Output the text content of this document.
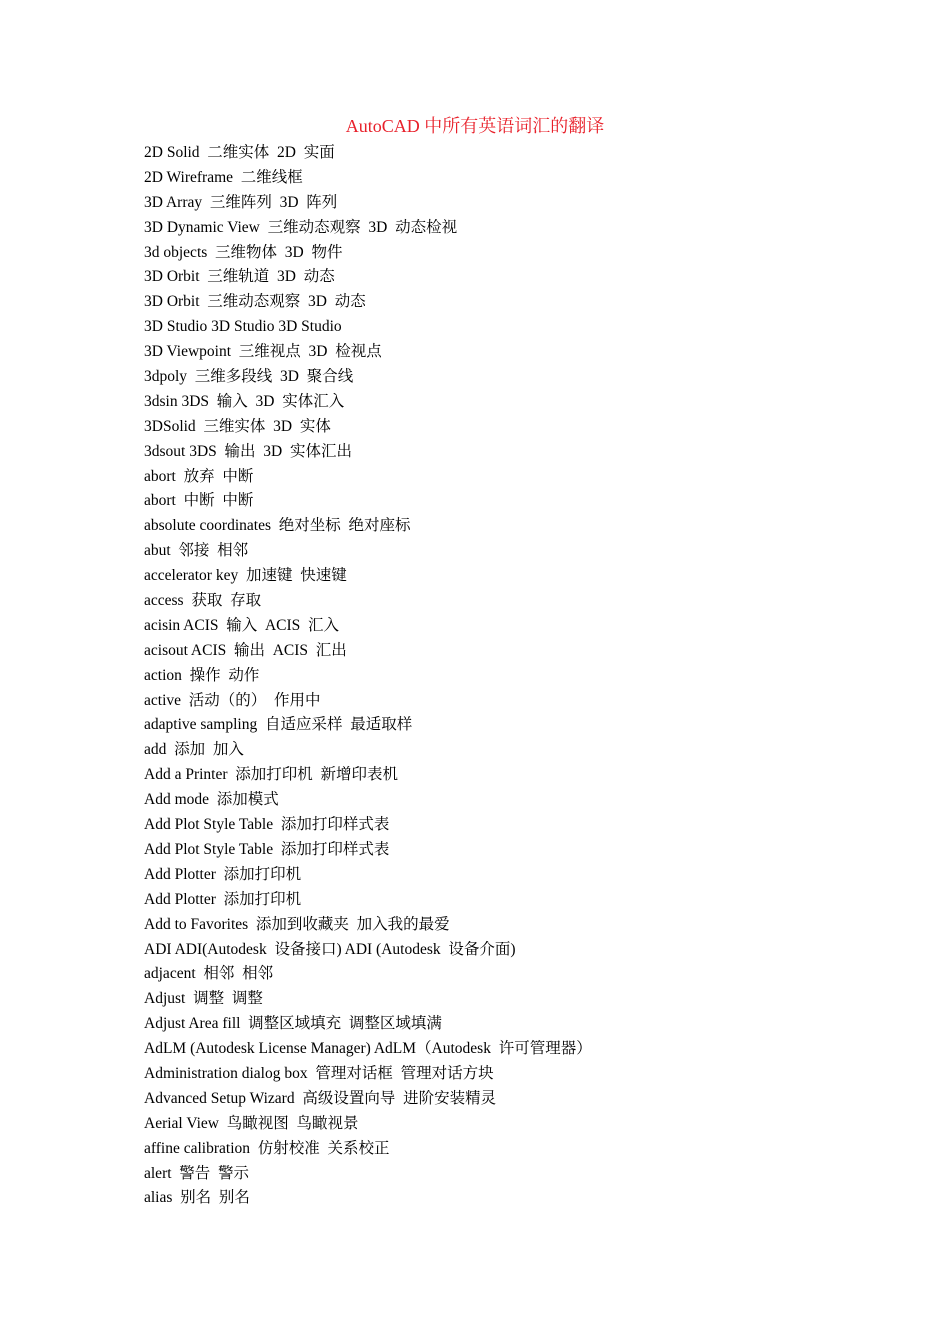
AutoCAD 中所有英语词汇的翻译
2D Solid  二维实体  2D  实面
2D Wireframe  二维线框
3D Array  三维阵列  3D  阵列
3D Dynamic View  三维动态观察  3D  动态检视
3d objects  三维物体  3D  物件
3D Orbit  三维轨道  3D  动态
3D Orbit  三维动态观察  3D  动态
3D Studio 3D Studio 3D Studio
3D Viewpoint  三维视点  3D  检视点
3dpoly  三维多段线  3D  聚合线
3dsin 3DS  输入  3D  实体汇入
3DSolid  三维实体  3D  实体
3dsout 3DS  输出  3D  实体汇出
abort  放弃  中断
abort  中断  中断
absolute coordinates  绝对坐标  绝对座标
abut  邻接  相邻
accelerator key  加速键  快速键
access  获取  存取
acisin ACIS  输入  ACIS  汇入
acisout ACIS  输出  ACIS  汇出
action  操作  动作
active  活动（的）  作用中
adaptive sampling  自适应采样  最适取样
add  添加  加入
Add a Printer  添加打印机  新增印表机
Add mode  添加模式
Add Plot Style Table  添加打印样式表
Add Plot Style Table  添加打印样式表
Add Plotter  添加打印机
Add Plotter  添加打印机
Add to Favorites  添加到收藏夹  加入我的最爱
ADI ADI(Autodesk  设备接口) ADI (Autodesk  设备介面)
adjacent  相邻  相邻
Adjust  调整  调整
Adjust Area fill  调整区域填充  调整区域填满
AdLM (Autodesk License Manager) AdLM（Autodesk  许可管理器）
Administration dialog box  管理对话框  管理对话方块
Advanced Setup Wizard  高级设置向导  进阶安装精灵
Aerial View  鸟瞰视图  鸟瞰视景
affine calibration  仿射校准  关系校正
alert  警告  警示
alias  别名  别名
